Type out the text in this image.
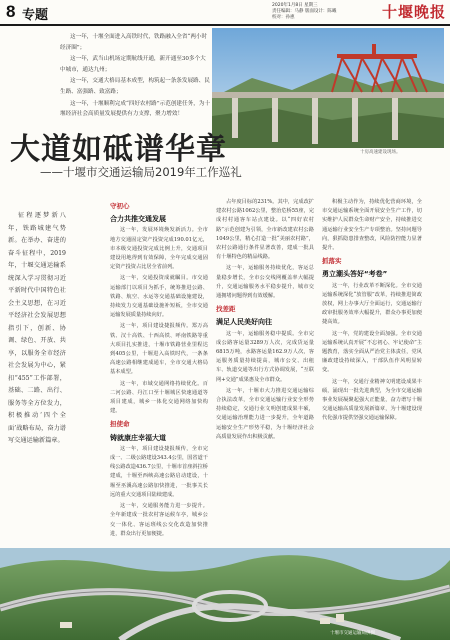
8 专题
2020年1月8日 星期三
责任编辑：马静 版面设计：陈曦
校对：孙惠	十堰晚报

这一年，十堰全面进入高铁时代，铁路融入全省“两小时经济圈”；

这一年，武当山机场定期航线开通，新开通至30多个大中城市，通达九州；

这一年，交通大格局基本成型，构筑起一条条发展路、民生路、富强路、致富路；

这一年，十堰顺利完成“四好农村路”示范创建任务，为十堰经济社会高质量发展提供有力支撑，聚力增效！

十房高速建设现场。
大道如砥谱华章
——十堰市交通运输局2019年工作巡礼

征程逐梦新八年，铁路城建气势新。在举办、奋进的奋斗征程中，2019年，十堰交通运输系统深入学习贯彻习近平新时代中国特色社会主义思想，在习近平经济社会发展思想指引下，创新、协调、绿色、开放、共享，以服务全市经济社会发展为中心，紧扣“455”工作部署，基础、二路、出行、服务等全方位发力，积极推动‘四个全面’战略布局，奋力谱写交通运输新篇章。

守初心
合力共推交通发展

这一年，发展环境焕发新活力。全市地方交通固定资产投资完成190.01亿元，市本级交通投资完成比例上升，交通项目建设用地得到有效保障，全年完成交通固定资产投资占比居全省前列。

这一年，交通投资成就瞩目。市交通运输部门以项目为抓手，统筹推进公路、铁路、航空、水运等交通基础设施建设，持续发力交通基础设施补短板，全市交通运输发展质量持续向好。

这一年，项目建设捷报频传。郑万高铁、汉十高铁、十西高铁、呼南铁路等重大项目扎实推进，十堰市铁路营业里程达到405公里，十堰进入高铁时代，一条条高速公路相继建成通车，全市交通大格局基本成型。

这一年，市域交通网络持续优化。百二河公路、丹江口至十堰城区快速通道等项目建成，城乡一体化交通网络加快构建。

担使命
铸就康庄幸福大道

这一年，项目建设捷报频传，全市完成一、二级公路建设343.4公里，国省道干线公路改造436.7公里，十堰市首座斜拉桥建成，十堰至西峡高速公路启动建设，十堰至巫溪高速公路加快推进，一批事关长远的重大交通项目陆续建成。

这一年，交通服务能力进一步提升。全年新建成一批农村客运候车亭，城乡公交一体化、客运班线公交化改造加快推进，群众出行更加便捷。

占年度目标的231%。其中，完成改扩建农村公路1062公里，整治危桥55座，完成村村通客车站点建设。以“四好农村路”示范创建为引领，全市新改建农村公路1049公里，精心打造一批“美丽农村路”，农村公路通行条件显著改善，建成一批具有十堰特色的精品线路。

这一年，运输服务持续优化，客运总量稳步增长，全市公交线网覆盖率大幅提升，交通运输服务水平稳步提升，城市交通拥堵问题得到有效缓解。

找差距
满足人民美好向往

这一年，运输服务稳中提质。全市完成公路客运量3289万人次，完成货运量6815万吨，水路客运量162.9万人次，客运服务质量持续提高，城市公交、出租车、轨道交通等出行方式协调发展，“互联网+交通”成果惠及全市群众。

这一年，十堰市大力推进交通运输综合执法改革，全市交通运输行业安全形势持续稳定，交通行业文明创建成果丰硕，交通运输治理能力进一步提升，全年道路运输安全生产形势平稳，为十堰经济社会高质量发展作出积极贡献。

积极主动作为，持续优化营商环境，全市交通运输系统全面开展安全生产工作，切实维护人民群众生命财产安全，持续推进交通运输行业安全生产专项整治。坚持问题导向，狠抓隐患排查整改，风险防控能力显著提升。

抓落实
勇立潮头答好“考卷”

这一年，行业改革不断深化。全市交通运输系统深化“放管服”改革，持续推进简政放权，网上办事大厅全面运行，交通运输行政审批服务效率大幅提升，群众办事更加便捷高效。

这一年，党的建设全面加强。全市交通运输系统认真开展“不忘初心、牢记使命”主题教育，落实全面从严治党主体责任，党风廉政建设持续深入，干部队伍作风明显转变。

这一年，交通行业精神文明建设成果丰硕，涌现出一批先进典型，为全市交通运输事业发展凝聚起强大正能量，奋力谱写十堰交通运输高质量发展新篇章，为十堰建设现代化强市提供坚强交通运输保障。

十堰市交通运输局供图
